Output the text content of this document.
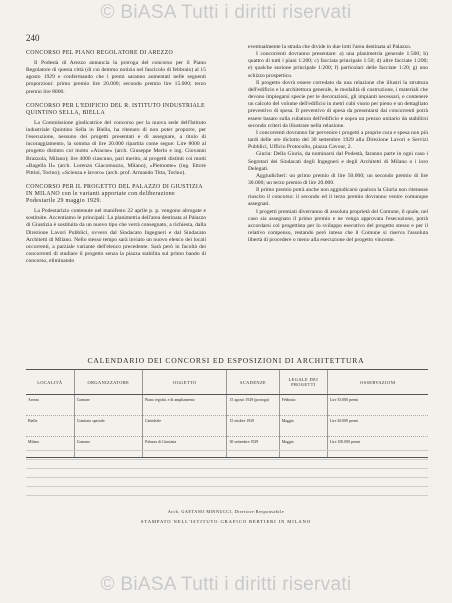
© BiASA Tutti i diritti riservati
240
CONCORSO PEL PIANO REGOLATORE DI AREZZO

Il Podestà di Arezzo annuncia la proroga del concorso per il Piano Regolatore di questa città (di cui demmo notizia nel fascicolo di febbraio) al 15 agosto 1929 e confermando che i premi saranno aumentati nelle seguenti proporzioni: primo premio lire 20.000; secondo premio lire 15.000; terzo premio lire 8000.

CONCORSO PER L'EDIFICIO DEL R. ISTITUTO INDUSTRIALE QUINTINO SELLA, BIELLA

La Commissione giudicatrice del concorso per la nuova sede dell'Istituto industriale Quintino Sella in Biella, ha ritenuto di non poter proporre, per l'esecuzione, nessuno dei progetti presentati e di assegnare, a titolo di incoraggiamento, la somma di lire 20.000 ripartita come segue: Lire 8000 al progetto distinto col motto «Aracne» (arch. Giuseppe Merlo e ing. Giovanni Brazzola, Milano); lire 4000 ciascuno, pari merito, ai progetti distinti coi motti «Bagella II» (arch. Lorenzo Giacomuzzo, Milano), «Piemonte» (ing. Ettore Pittini, Torino); «Scienza e lavoro» (arch. prof. Armando Titta, Torino).

CONCORSO PER IL PROGETTO DEL PALAZZO DI GIUSTIZIA IN MILANO con le varianti apportate con deliberazione Podestarile 29 maggio 1929.

La Podestarizio contenute nel manifesto 22 aprile p. p. vengono abrogate e sostituite. Accentiamo le principali: La planimetria dell'area destinata al Palazzo di Giustizia è sostituita da un nuovo tipo che verrà consegnato, a richiesta, dalla Direzione Lavori Pubblici, ovvero dal Sindacato Ingegneri e dal Sindacato Architetti di Milano. Nello stesso tempo sarà inviato un nuovo elenco dei locali occorrenti, a parziale variante dell'elenco precedente. Sarà però in facoltà dei concorrenti di studiare il progetto senza la piazza stabilita sul primo bando di concorso, eliminando

eventualmente la strada che divide in due lotti l'area destinata al Palazzo.

I concorrenti dovranno presentare: a) una planimetria generale 1:500; b) quattro di tutti i piani 1:200; c) facciata principale 1:50; d) altre facciate 1:200; e) qualche sezione principale 1:200; f) particolari delle facciate 1:20; g) uno schizzo prospettico.

Il progetto dovrà essere corredato da una relazione che illustri la struttura dell'edificio e la architettura generale, le modalità di costruzione, i materiali che devono impiegarsi specie per le decorazioni, gli impianti necessari, e contenere un calcolo del volume dell'edificio in metri cubi vuoto per pieno e un dettagliato preventivo di spesa. Il preventivo di spesa da presentarsi dai concorrenti potrà essere basato sulla cubatura dell'edificio e sopra un prezzo unitario da stabilirsi secondo criteri da illustrare nella relazione.

I concorrenti dovranno far pervenire i progetti a proprie cura e spesa non più tardi delle ore diciotto del 30 settembre 1929 alla Direzione Lavori e Servizi Pubblici, Ufficio Protocollo, piazza Cavour, 2.

Giuria: Della Giuria, da nominarsi dal Podestà, faranno parte in ogni caso i Segretari dei Sindacati degli Ingegneri e degli Architetti di Milano o i loro Delegati.

Aggiudicheri: un primo premio di lire 50.000; un secondo premio di lire 30.000; un terzo premio di lire 20.000.

Il primo premio potrà anche non aggiudicarsi qualora la Giuria non ritenesse riuscito il concorso: il secondo ed il terzo premio dovranno venire comunque assegnati.

I progetti premiati diverranno di assoluta proprietà del Comune, il quale, nel caso sia assegnato il primo premio e ne venga approvata l'esecuzione, potrà accordarsi col progettista per lo sviluppo esecutivo del progetto stesso e per il relativo compenso, restando però inteso che il Comune si riserva l'assoluta libertà di procedere o meno alla esecuzione del progetto vincente.

CALENDARIO DEI CONCORSI ED ESPOSIZIONI DI ARCHITETTURA
LOCALITÀ	ORGANIZZATORE	OGGETTO	SCADENZE	LEGALE DEI PROGETTI	OSSERVAZIONI
Arezzo	Comune	Piano regolat. e di ampliamento	15 agosto 1929 (proroga)	Febbraio	Lire 35.000 premi
Biella	Comitato speciale	Cattedrale	15 ottobre 1929	Maggio	Lire 20.000 premi
Milano	Comune	Palazzo di Giustizia	30 settembre 1929	Maggio	Lire 100.000 premi
Arch. GAETANO MINNUCCI, Direttore Responsabile
STAMPATO NELL'ISTITUTO GRAFICO BERTIERI IN MILANO
© BiASA Tutti i diritti riservati
